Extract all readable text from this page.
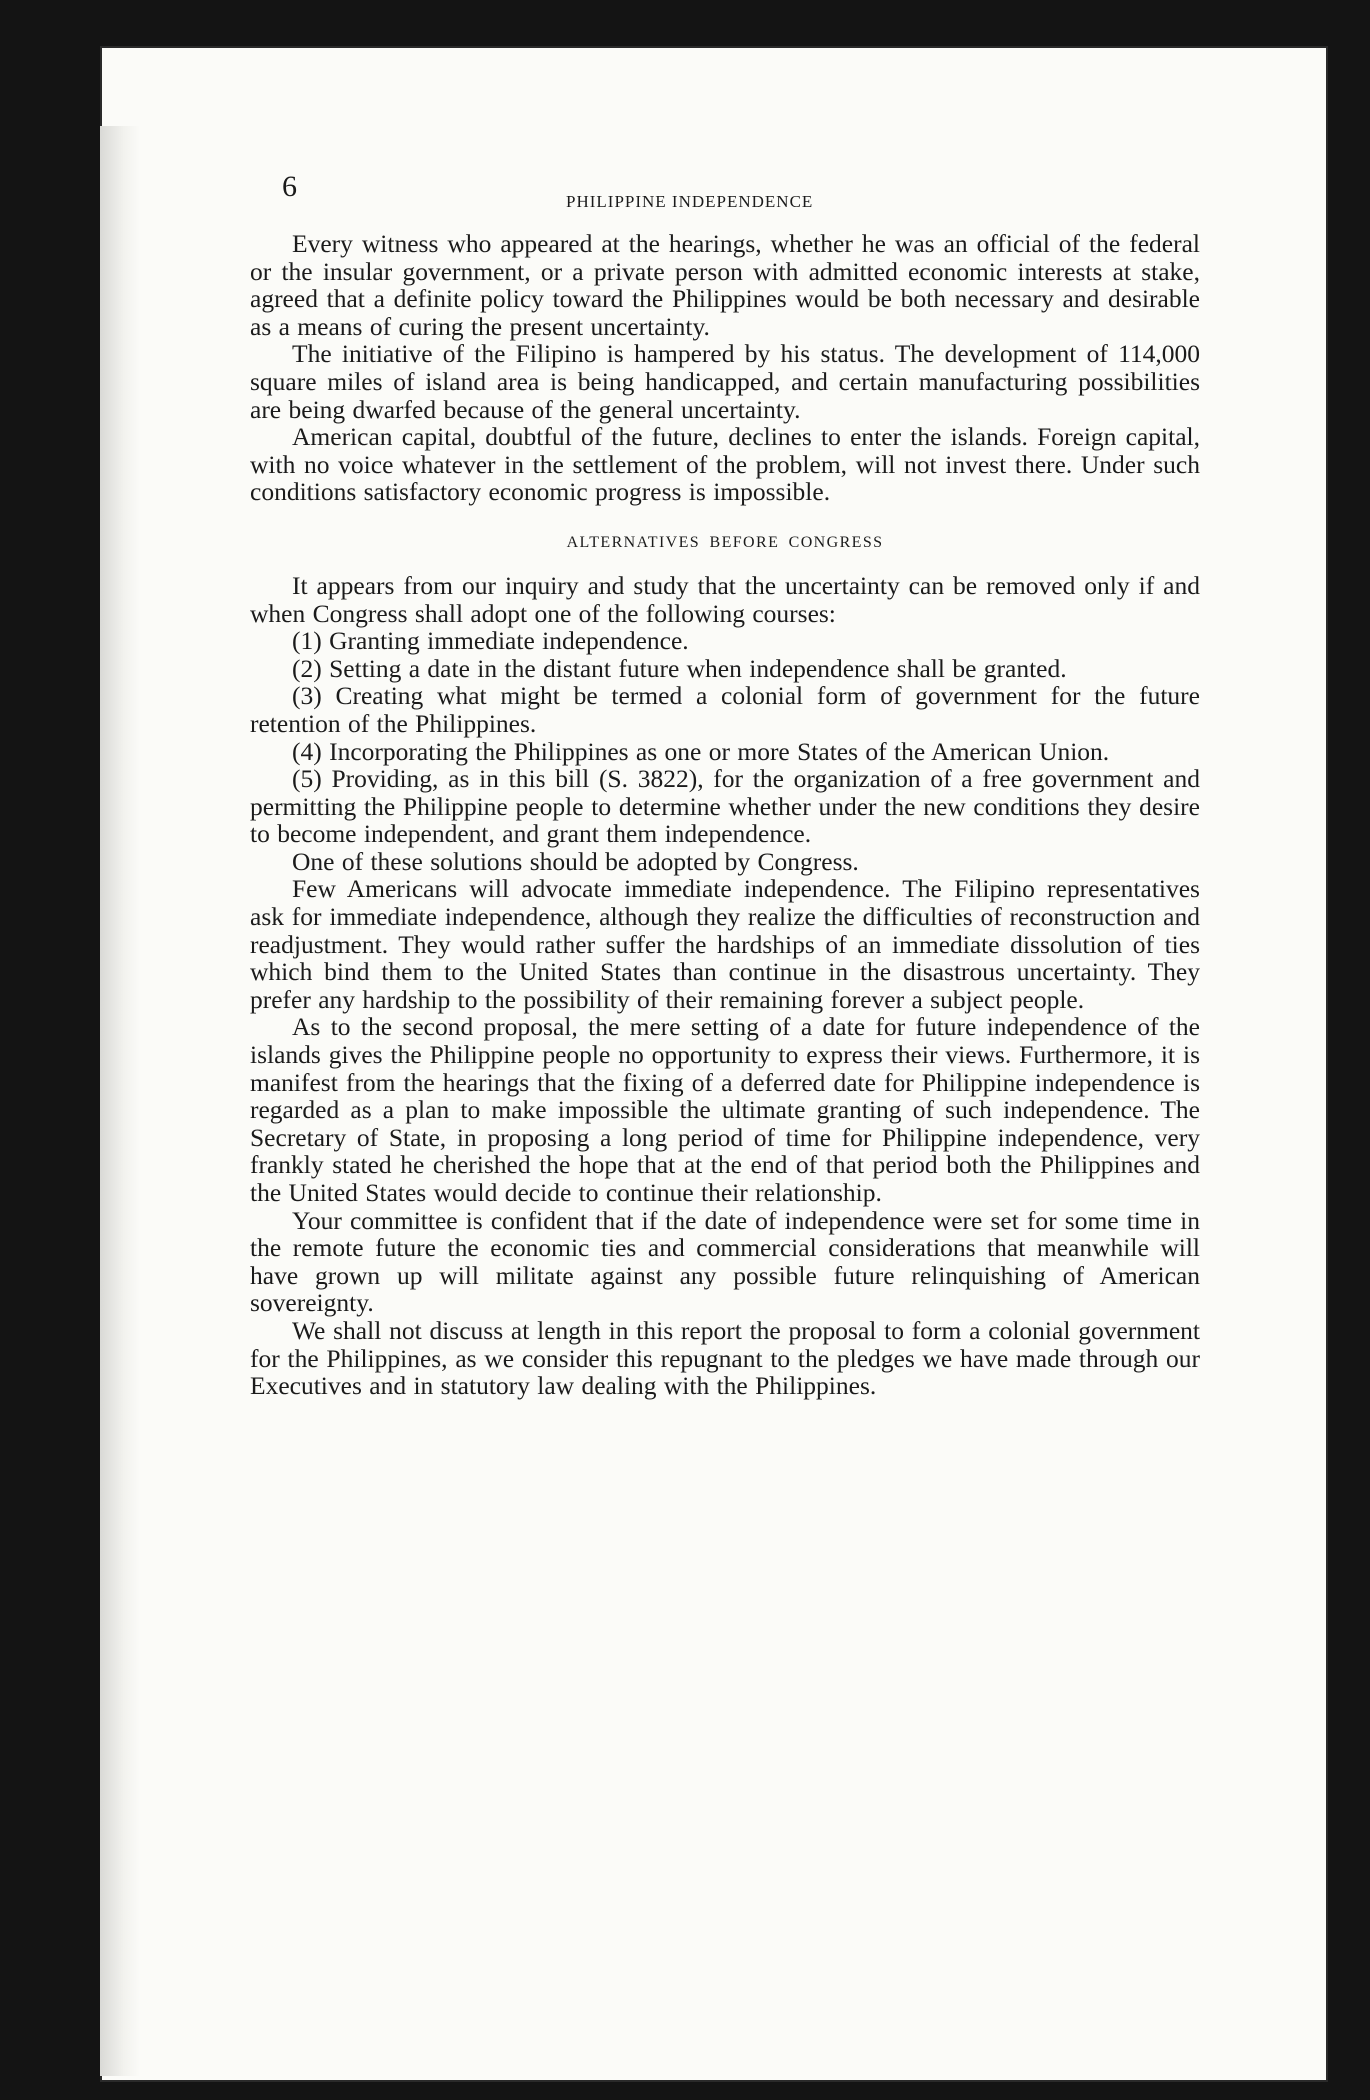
6	PHILIPPINE INDEPENDENCE

Every witness who appeared at the hearings, whether he was an official of the federal or the insular government, or a private person with admitted economic interests at stake, agreed that a definite policy toward the Philippines would be both necessary and desirable as a means of curing the present uncertainty.

The initiative of the Filipino is hampered by his status. The development of 114,000 square miles of island area is being handicapped, and certain manufacturing possibilities are being dwarfed because of the general uncertainty.

American capital, doubtful of the future, declines to enter the islands. Foreign capital, with no voice whatever in the settlement of the problem, will not invest there. Under such conditions satisfactory economic progress is impossible.

ALTERNATIVES BEFORE CONGRESS

It appears from our inquiry and study that the uncertainty can be removed only if and when Congress shall adopt one of the following courses:

(1) Granting immediate independence.

(2) Setting a date in the distant future when independence shall be granted.

(3) Creating what might be termed a colonial form of government for the future retention of the Philippines.

(4) Incorporating the Philippines as one or more States of the American Union.

(5) Providing, as in this bill (S. 3822), for the organization of a free government and permitting the Philippine people to determine whether under the new conditions they desire to become independent, and grant them independence.

One of these solutions should be adopted by Congress.

Few Americans will advocate immediate independence. The Filipino representatives ask for immediate independence, although they realize the difficulties of reconstruction and readjustment. They would rather suffer the hardships of an immediate dissolution of ties which bind them to the United States than continue in the disastrous uncertainty. They prefer any hardship to the possibility of their remaining forever a subject people.

As to the second proposal, the mere setting of a date for future independence of the islands gives the Philippine people no opportunity to express their views. Furthermore, it is manifest from the hearings that the fixing of a deferred date for Philippine independence is regarded as a plan to make impossible the ultimate granting of such independence. The Secretary of State, in proposing a long period of time for Philippine independence, very frankly stated he cherished the hope that at the end of that period both the Philippines and the United States would decide to continue their relationship.

Your committee is confident that if the date of independence were set for some time in the remote future the economic ties and commercial considerations that meanwhile will have grown up will militate against any possible future relinquishing of American sovereignty.

We shall not discuss at length in this report the proposal to form a colonial government for the Philippines, as we consider this repugnant to the pledges we have made through our Executives and in statutory law dealing with the Philippines.
